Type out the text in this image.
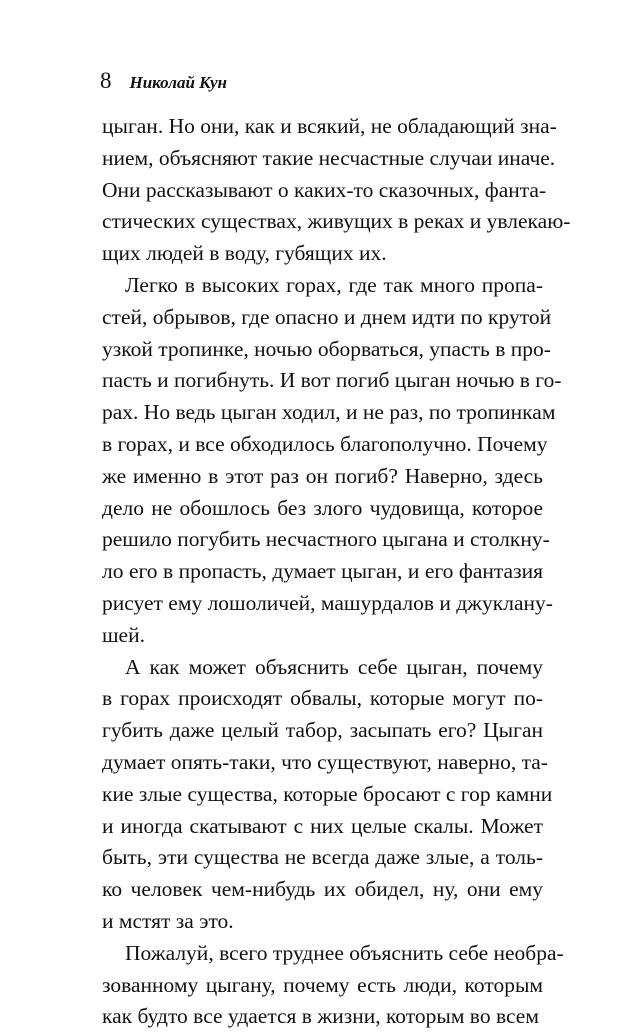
8 Николай Кун
цыган. Но они, как и всякий, не обладающий зна-
нием, объясняют такие несчастные случаи иначе.
Они рассказывают о каких-то сказочных, фанта-
стических существах, живущих в реках и увлекаю-
щих людей в воду, губящих их.
Легко в высоких горах, где так много пропа-
стей, обрывов, где опасно и днем идти по крутой
узкой тропинке, ночью оборваться, упасть в про-
пасть и погибнуть. И вот погиб цыган ночью в го-
рах. Но ведь цыган ходил, и не раз, по тропинкам
в горах, и все обходилось благополучно. Почему
же именно в этот раз он погиб? Наверно, здесь
дело не обошлось без злого чудовища, которое
решило погубить несчастного цыгана и столкну-
ло его в пропасть, думает цыган, и его фантазия
рисует ему лошоличей, машурдалов и джуклану-
шей.
А как может объяснить себе цыган, почему
в горах происходят обвалы, которые могут по-
губить даже целый табор, засыпать его? Цыган
думает опять-таки, что существуют, наверно, та-
кие злые существа, которые бросают с гор камни
и иногда скатывают с них целые скалы. Может
быть, эти существа не всегда даже злые, а толь-
ко человек чем-нибудь их обидел, ну, они ему
и мстят за это.
Пожалуй, всего труднее объяснить себе необра-
зованному цыгану, почему есть люди, которым
как будто все удается в жизни, которым во всем
